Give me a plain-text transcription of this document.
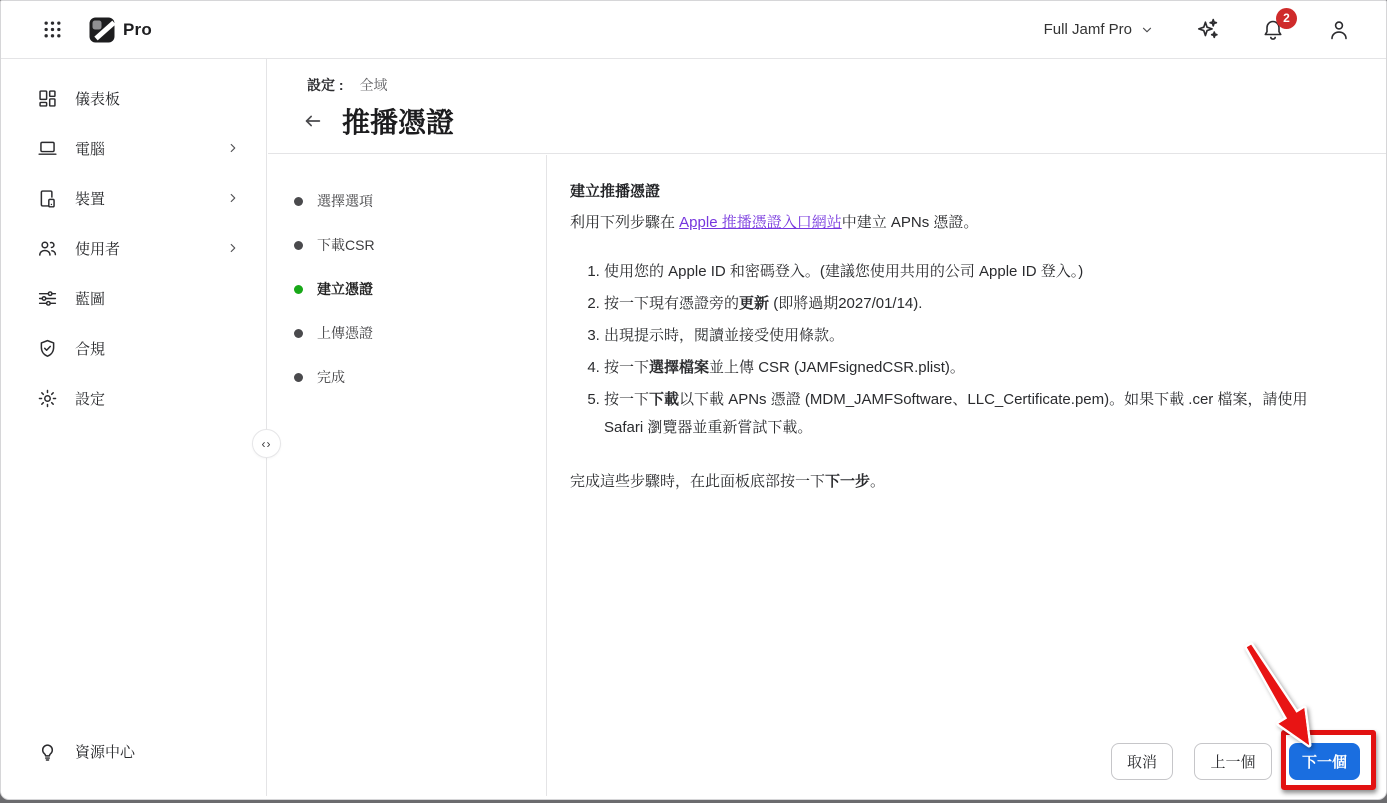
Pro	Full Jamf Pro
2
儀表板
電腦
裝置
使用者
藍圖
合規
設定
資源中心
‹›
設定 : 全域
推播憑證
選擇選項
下載CSR
建立憑證
上傳憑證
完成
建立推播憑證
利用下列步驟在 Apple 推播憑證入口網站中建立 APNs 憑證。
1. 使用您的 Apple ID 和密碼登入。(建議您使用共用的公司 Apple ID 登入。)
2. 按一下現有憑證旁的更新 (即將過期2027/01/14).
3. 出現提示時，閱讀並接受使用條款。
4. 按一下選擇檔案並上傳 CSR (JAMFsignedCSR.plist)。
5. 按一下下載以下載 APNs 憑證 (MDM_JAMFSoftware、LLC_Certificate.pem)。如果下載 .cer 檔案，請使用 Safari 瀏覽器並重新嘗試下載。
完成這些步驟時，在此面板底部按一下下一步。
取消	上一個	下一個
